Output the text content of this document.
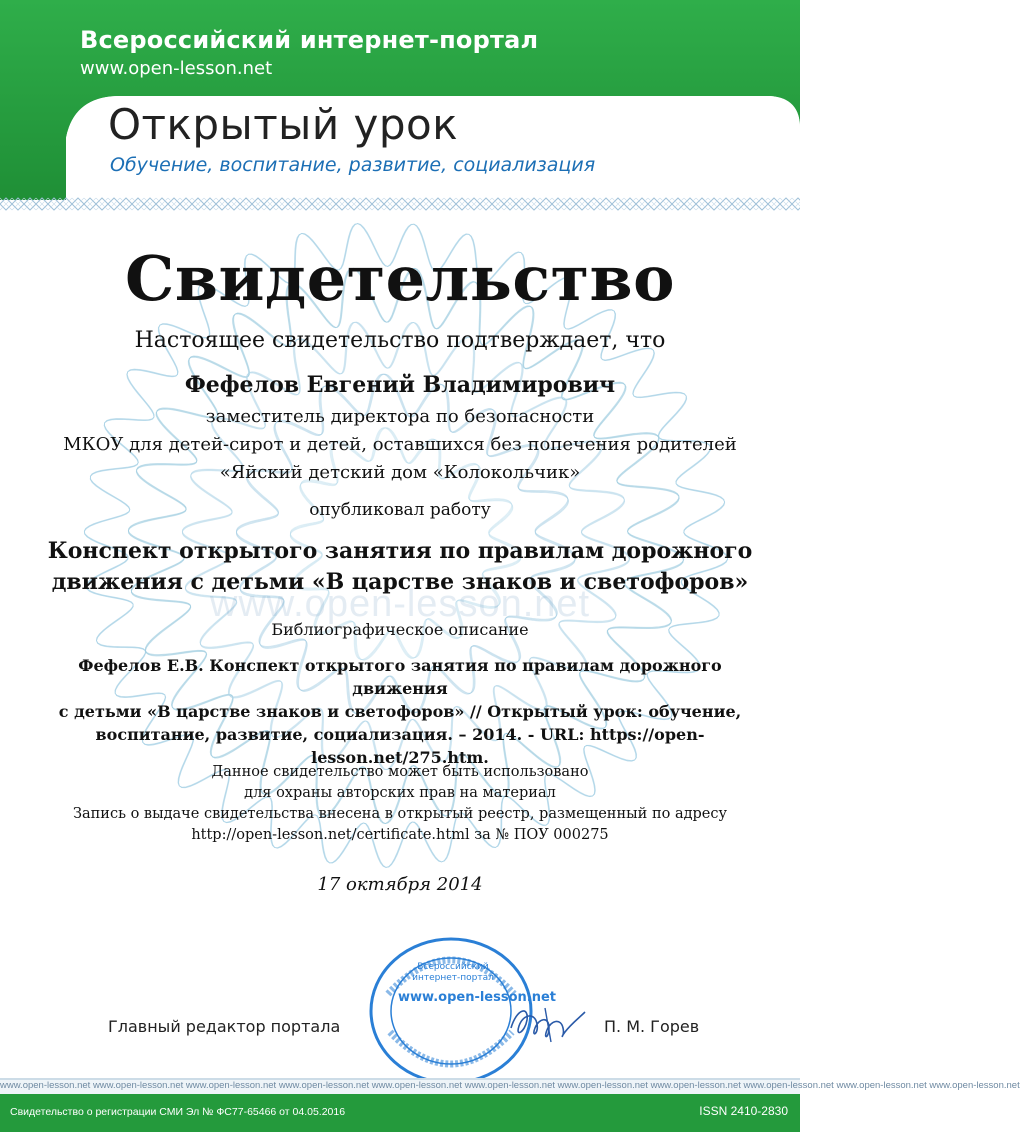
Всероссийский интернет-портал
www.open-lesson.net
Открытый урок
Обучение, воспитание, развитие, социализация
www.open-lesson.net
Свидетельство
Настоящее свидетельство подтверждает, что
Фефелов Евгений Владимирович
заместитель директора по безопасности
МКОУ для детей-сирот и детей, оставшихся без попечения родителей
«Яйский детский дом «Колокольчик»
опубликовал работу
Конспект открытого занятия по правилам дорожного
движения с детьми «В царстве знаков и светофоров»
Библиографическое описание
Фефелов Е.В. Конспект открытого занятия по правилам дорожного движения
с детьми «В царстве знаков и светофоров» // Открытый урок: обучение,
воспитание, развитие, социализация. – 2014. - URL: https://open-
lesson.net/275.htm.
Данное свидетельство может быть использовано
для охраны авторских прав на материал
Запись о выдаче свидетельства внесена в открытый реестр, размещенный по адресу
http://open-lesson.net/certificate.html за № ПОУ 000275
17 октября 2014
Главный редактор портала
Всероссийский интернет-портал
www.open-lesson.net
П. М. Горев
www.open-lesson.net www.open-lesson.net www.open-lesson.net www.open-lesson.net www.open-lesson.net www.open-lesson.net www.open-lesson.net www.open-lesson.net www.open-lesson.net www.open-lesson.net www.open-lesson.net
Свидетельство о регистрации СМИ Эл № ФС77-65466 от 04.05.2016	ISSN 2410-2830
